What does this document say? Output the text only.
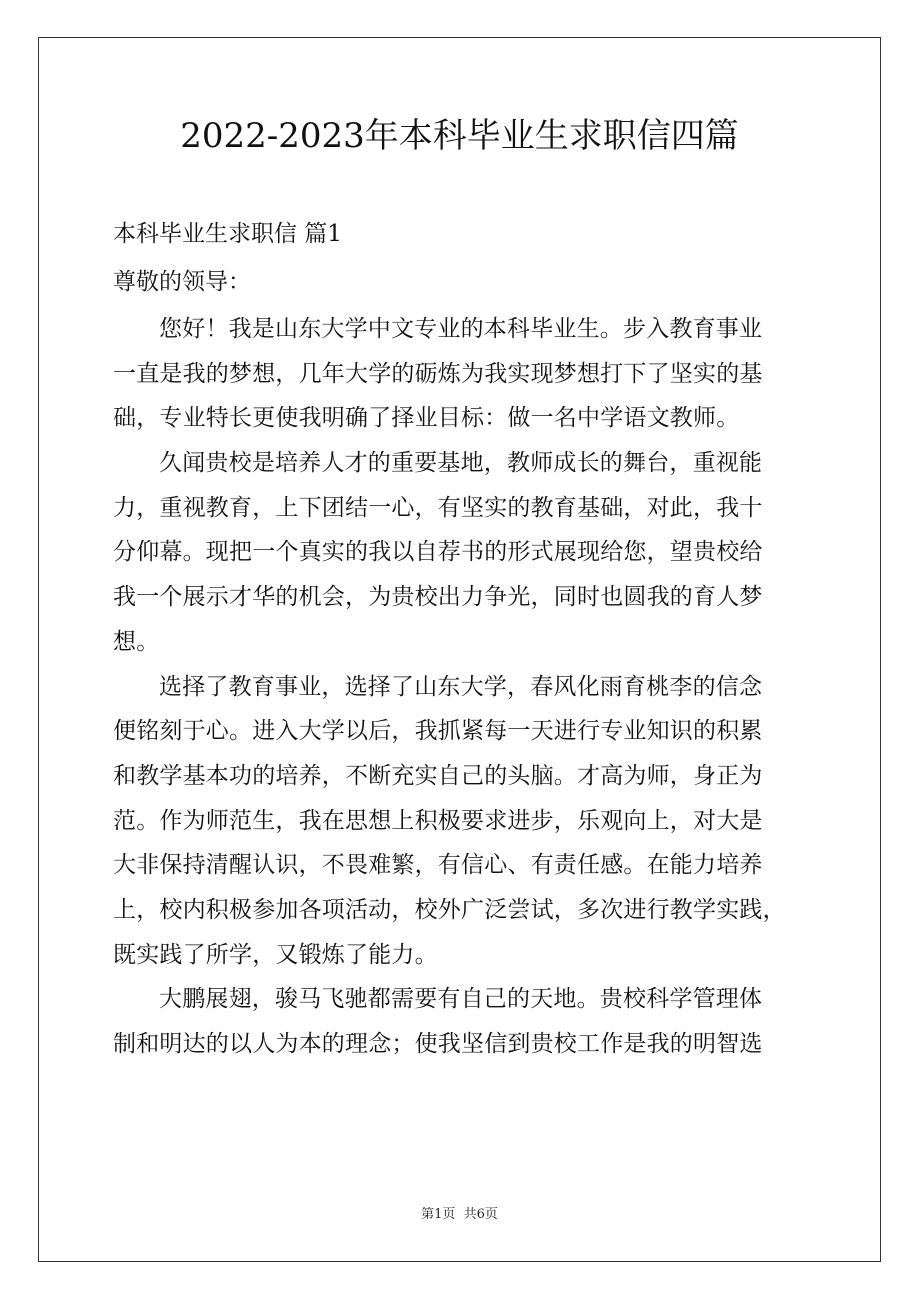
2022-2023年本科毕业生求职信四篇
本科毕业生求职信 篇1
尊敬的领导：
您好！我是山东大学中文专业的本科毕业生。步入教育事业
一直是我的梦想，几年大学的砺炼为我实现梦想打下了坚实的基
础，专业特长更使我明确了择业目标：做一名中学语文教师。
久闻贵校是培养人才的重要基地，教师成长的舞台，重视能
力，重视教育，上下团结一心，有坚实的教育基础，对此，我十
分仰幕。现把一个真实的我以自荐书的形式展现给您，望贵校给
我一个展示才华的机会，为贵校出力争光，同时也圆我的育人梦
想。
选择了教育事业，选择了山东大学，春风化雨育桃李的信念
便铭刻于心。进入大学以后，我抓紧每一天进行专业知识的积累
和教学基本功的培养，不断充实自己的头脑。才高为师，身正为
范。作为师范生，我在思想上积极要求进步，乐观向上，对大是
大非保持清醒认识，不畏难繁，有信心、有责任感。在能力培养
上，校内积极参加各项活动，校外广泛尝试，多次进行教学实践，
既实践了所学，又锻炼了能力。
大鹏展翅，骏马飞驰都需要有自己的天地。贵校科学管理体
制和明达的以人为本的理念；使我坚信到贵校工作是我的明智选
第1页 共6页
